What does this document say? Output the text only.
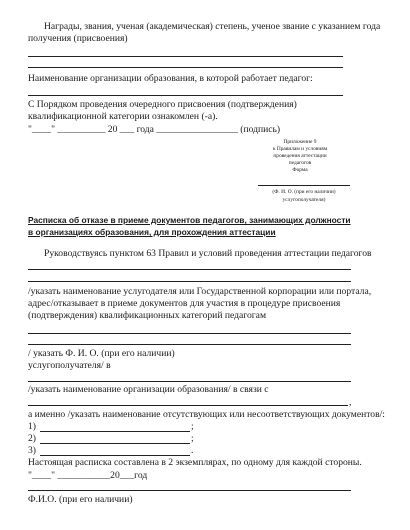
Награды, звания, ученая (академическая) степень, ученое звание с указанием года
получения (присвоения)
Наименование организации образования, в которой работает педагог:
С Порядком проведения очередного присвоения (подтверждения)
квалификационной категории ознакомлен (-а).
"____" __________ 20 ___ года _________________ (подпись)
Приложение 9
к Правилам и условиям
проведения аттестации
педагогов
Форма
(Ф. И. О. (при его наличии)
услугополучателя)
Расписка об отказе в приеме документов педагогов, занимающих должности
в организациях образования, для прохождения аттестации
Руководствуясь пунктом 63 Правил и условий проведения аттестации педагогов
/указать наименование услугодателя или Государственной корпорации или портала,
адрес/отказывает в приеме документов для участия в процедуре присвоения
(подтверждения) квалификационных категорий педагогам
/ указать Ф. И. О. (при его наличии)
услугополучателя/ в
/указать наименование организации образования/ в связи с
,
а именно /указать наименование отсутствующих или несоответствующих документов/:
1)	;
2)	;
3)	.
Настоящая расписка составлена в 2 экземплярах, по одному для каждой стороны.
"____" ___________20___год
Ф.И.О. (при его наличии)
